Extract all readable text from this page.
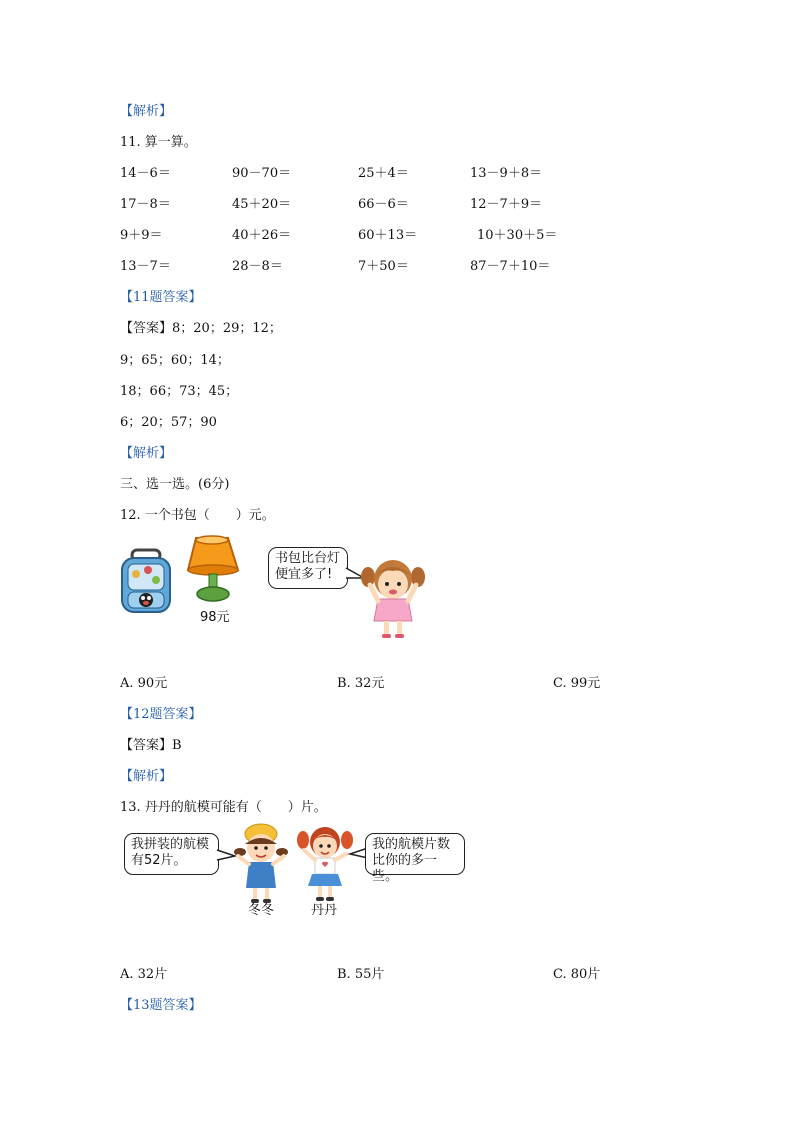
【解析】
11. 算一算。
14－6＝	90－70＝	25＋4＝	13－9＋8＝
17－8＝	45＋20＝	66－6＝	12－7＋9＝
9＋9＝	40＋26＝	60＋13＝	10＋30＋5＝
13－7＝	28－8＝	7＋50＝	87－7＋10＝
【11题答案】
【答案】8；20；29；12；
9；65；60；14；
18；66；73；45；
6；20；57；90
【解析】
三、选一选。(6分)
12. 一个书包（　　）元。
98元
书包比台灯
便宜多了!
A. 90元	B. 32元	C. 99元
【12题答案】
【答案】B
【解析】
13. 丹丹的航模可能有（　　）片。
我拼装的航模
有52片。
我的航模片数
比你的多一些。
冬冬	丹丹
A. 32片	B. 55片	C. 80片
【13题答案】
